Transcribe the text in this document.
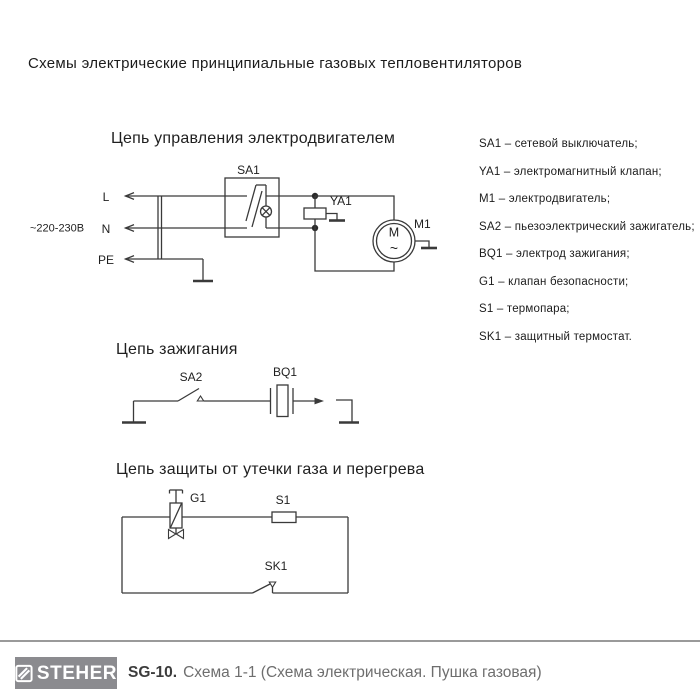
Схемы электрические принципиальные газовых тепловентиляторов
Цепь управления электродвигателем
~220-230В
L
N
PE
SA1
YA1
M
~
M1
Цепь зажигания
SA2	BQ1
Цепь защиты от утечки газа и перегрева
G1	S1
SK1
SA1 – сетевой выключатель;
YA1 – электромагнитный клапан;
M1 – электродвигатель;
SA2 – пьезоэлектрический зажигатель;
BQ1 – электрод зажигания;
G1 – клапан безопасности;
S1 – термопара;
SK1 – защитный термостат.
STEHER SG-10. Схема 1-1 (Схема электрическая. Пушка газовая)
